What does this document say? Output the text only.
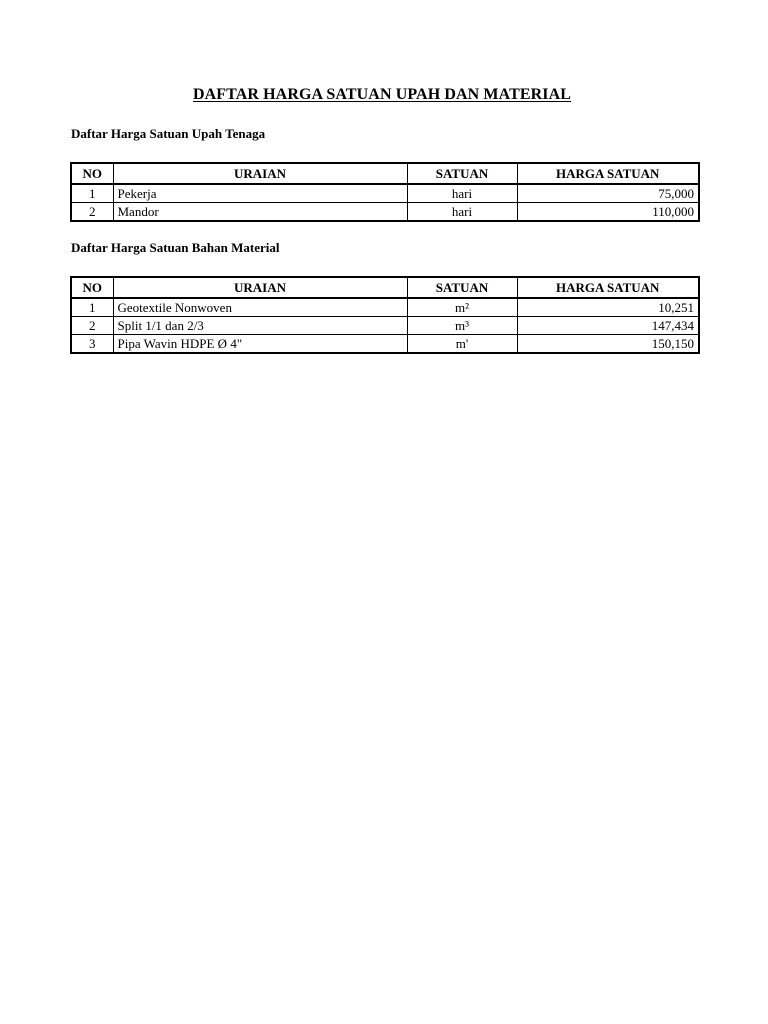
DAFTAR HARGA SATUAN UPAH DAN MATERIAL
Daftar Harga Satuan Upah Tenaga
NO	URAIAN	SATUAN	HARGA SATUAN
1	Pekerja	hari	75,000
2	Mandor	hari	110,000
Daftar Harga Satuan Bahan Material
NO	URAIAN	SATUAN	HARGA SATUAN
1	Geotextile Nonwoven	m²	10,251
2	Split 1/1 dan 2/3	m³	147,434
3	Pipa Wavin HDPE Ø 4"	m'	150,150
